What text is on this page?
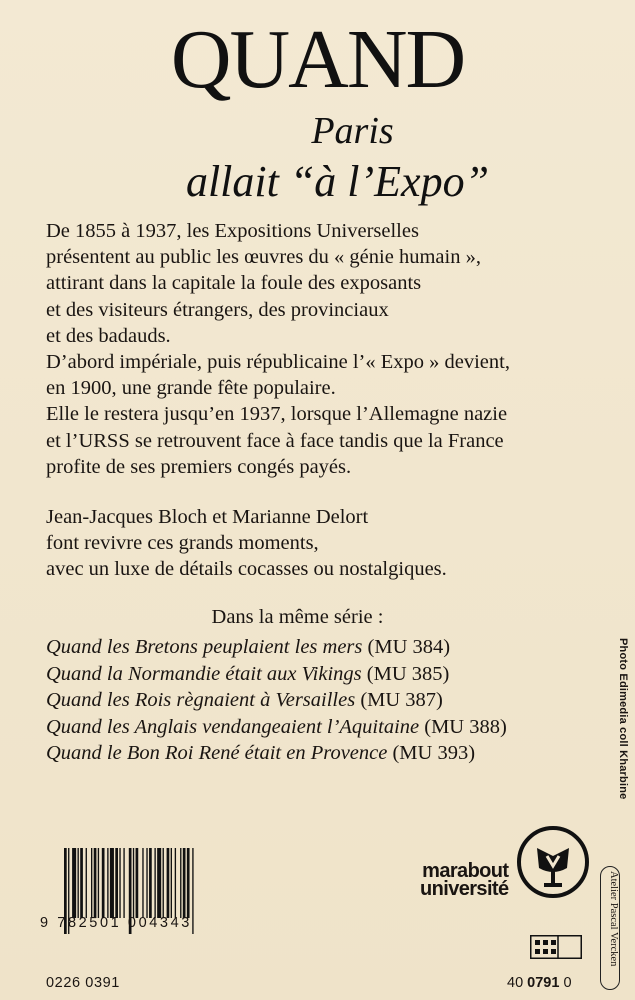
QUAND
Paris
allait “à l’Expo”
De 1855 à 1937, les Expositions Universelles
présentent au public les œuvres du « génie humain »,
attirant dans la capitale la foule des exposants
et des visiteurs étrangers, des provinciaux
et des badauds.
D’abord impériale, puis républicaine l’« Expo » devient,
en 1900, une grande fête populaire.
Elle le restera jusqu’en 1937, lorsque l’Allemagne nazie
et l’URSS se retrouvent face à face tandis que la France
profite de ses premiers congés payés.
Jean-Jacques Bloch et Marianne Delort
font revivre ces grands moments,
avec un luxe de détails cocasses ou nostalgiques.
Dans la même série :
Quand les Bretons peuplaient les mers (MU 384)
Quand la Normandie était aux Vikings (MU 385)
Quand les Rois règnaient à Versailles (MU 387)
Quand les Anglais vendangeaient l’Aquitaine (MU 388)
Quand le Bon Roi René était en Provence (MU 393)	Photo Edimedia coll Kharbine
Atelier Pascal Vercken
9 782501 004343
marabout
université
0226 0391	40 0791 0
